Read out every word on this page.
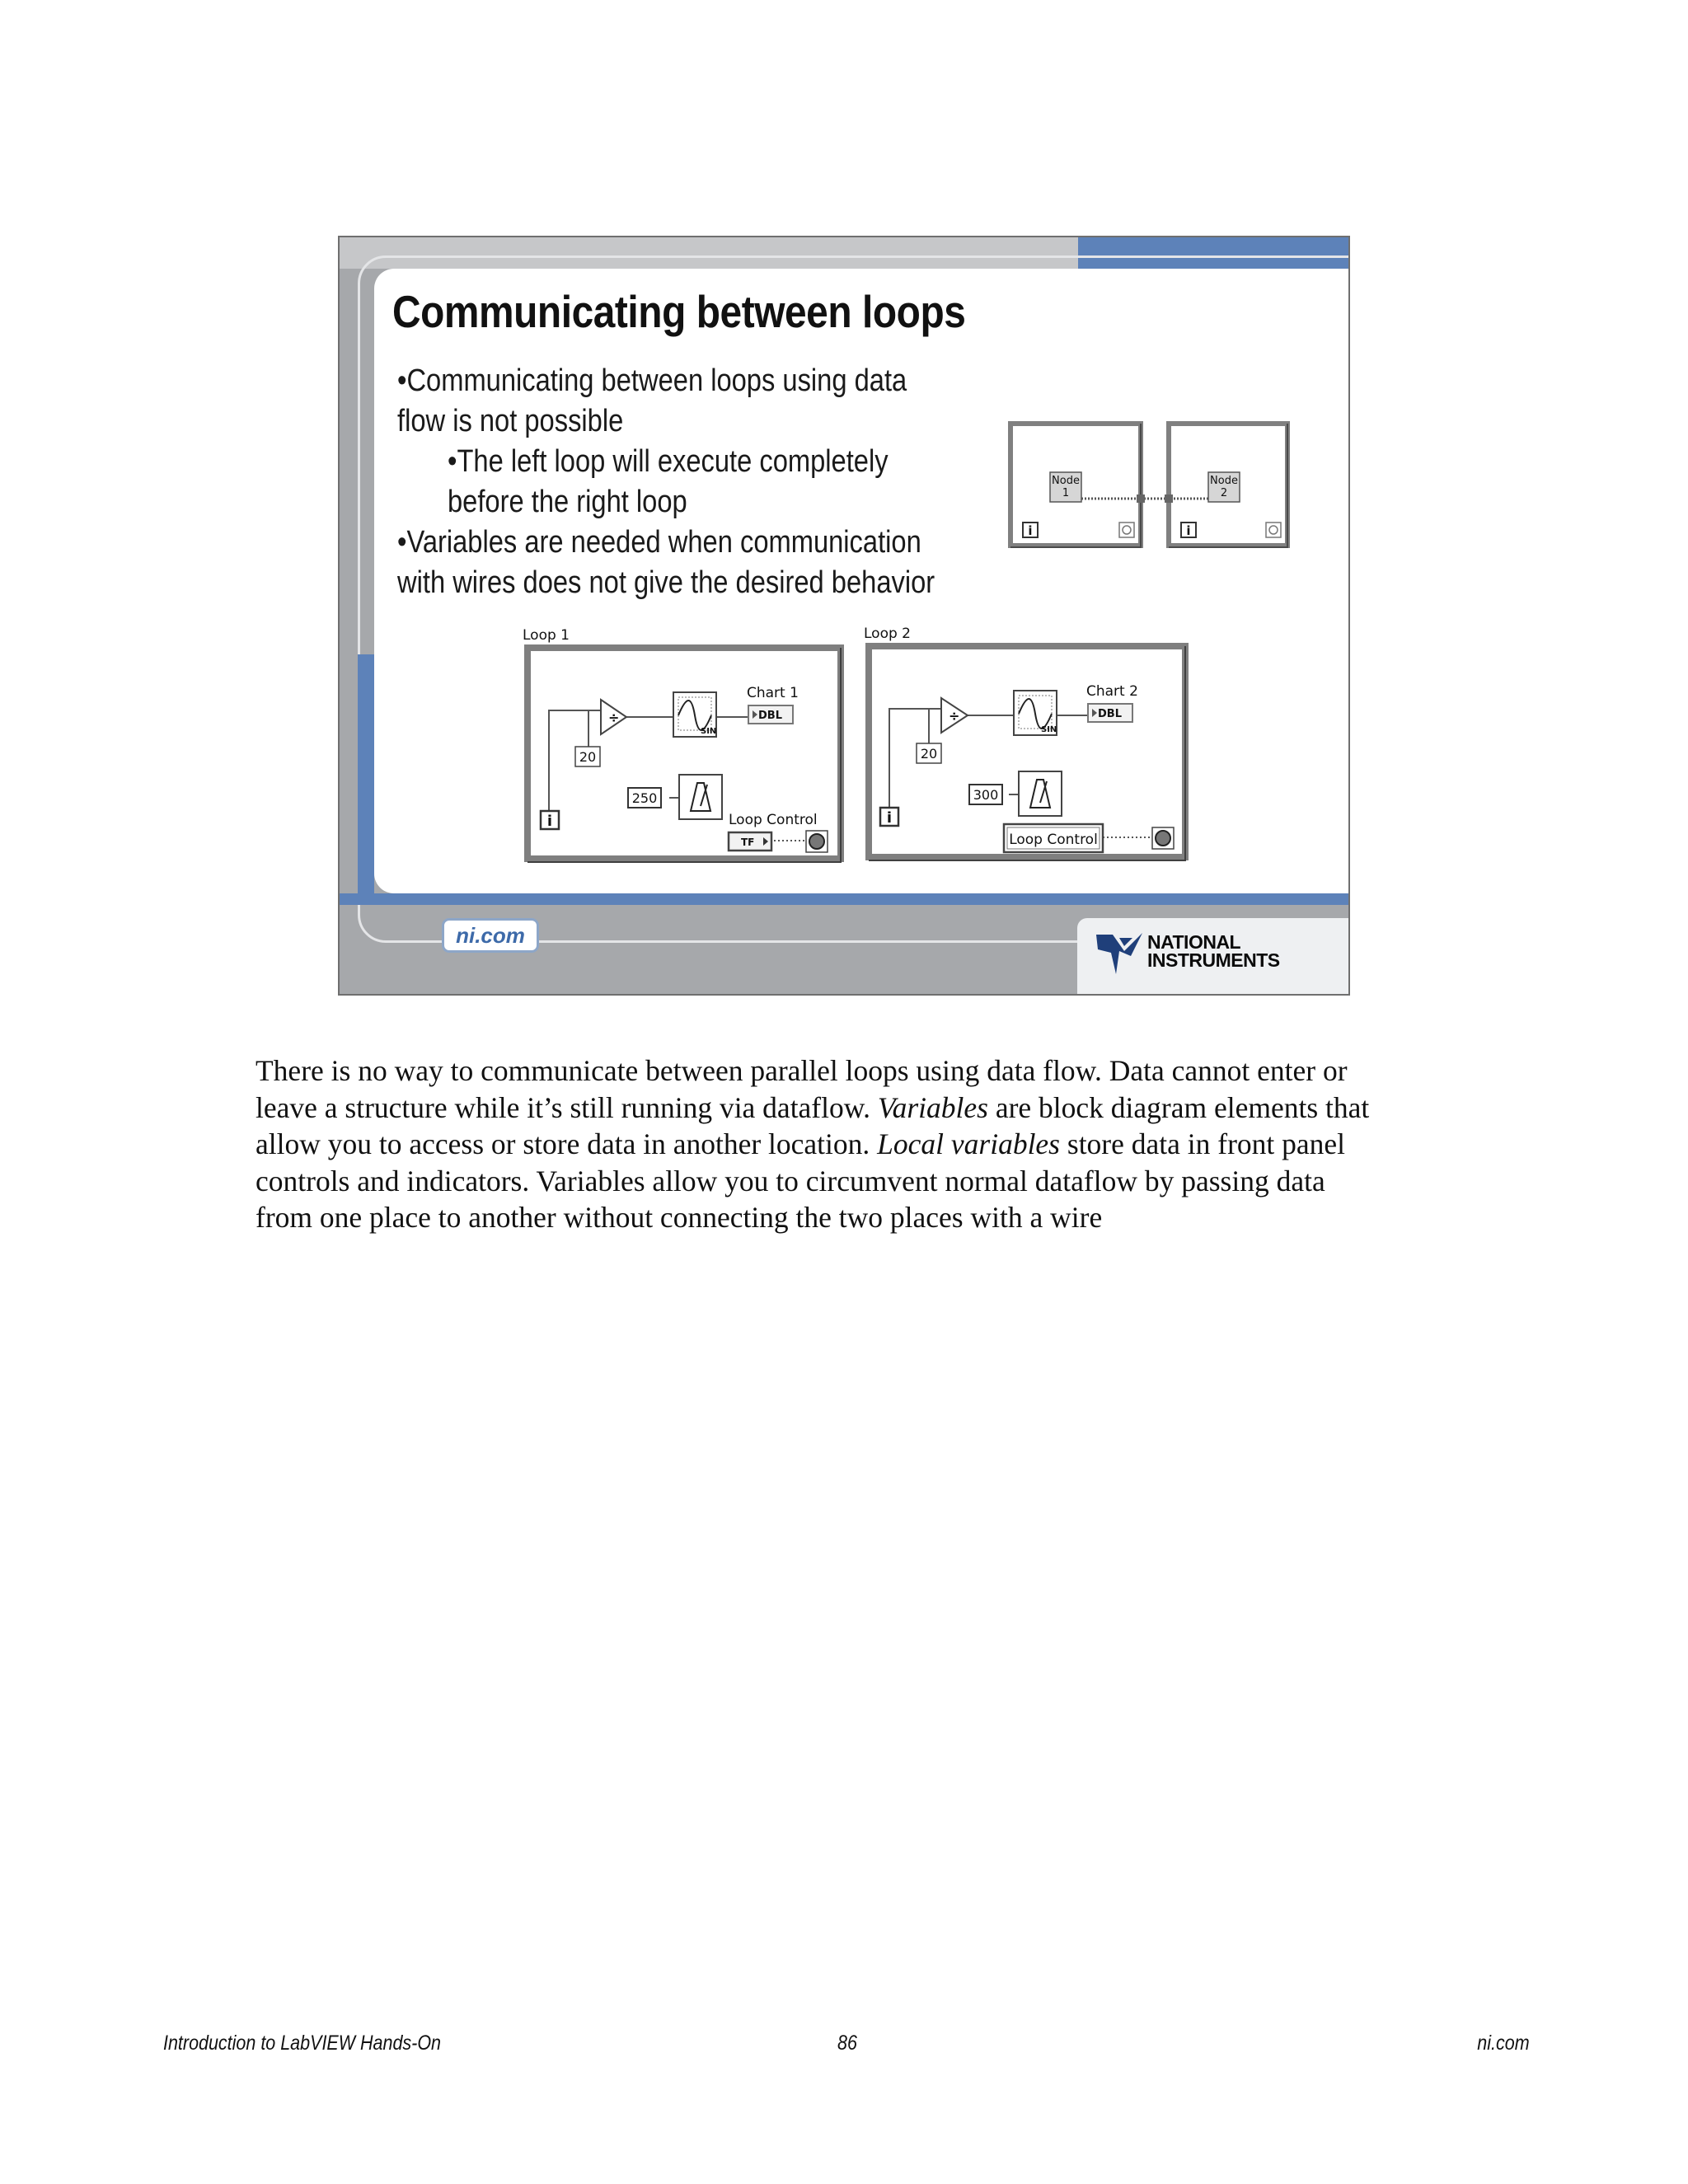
Communicating between loops
•Communicating between loops using data
flow is not possible
•The left loop will execute completely
before the right loop
•Variables are needed when communication
with wires does not give the desired behavior
Node
1
Node
2
i	i
Loop 1
i
÷
20
SIN
Chart 1
DBL
250
Loop Control
TF
Loop 2
i
÷
20
SIN
Chart 2
DBL
300
Loop Control
ni.com	NATIONAL
INSTRUMENTS

There is no way to communicate between parallel loops using data flow. Data cannot enter or

leave a structure while it’s still running via dataflow. Variables are block diagram elements that

allow you to access or store data in another location. Local variables store data in front panel

controls and indicators. Variables allow you to circumvent normal dataflow by passing data

from one place to another without connecting the two places with a wire

Introduction to LabVIEW Hands-On	86	ni.com
